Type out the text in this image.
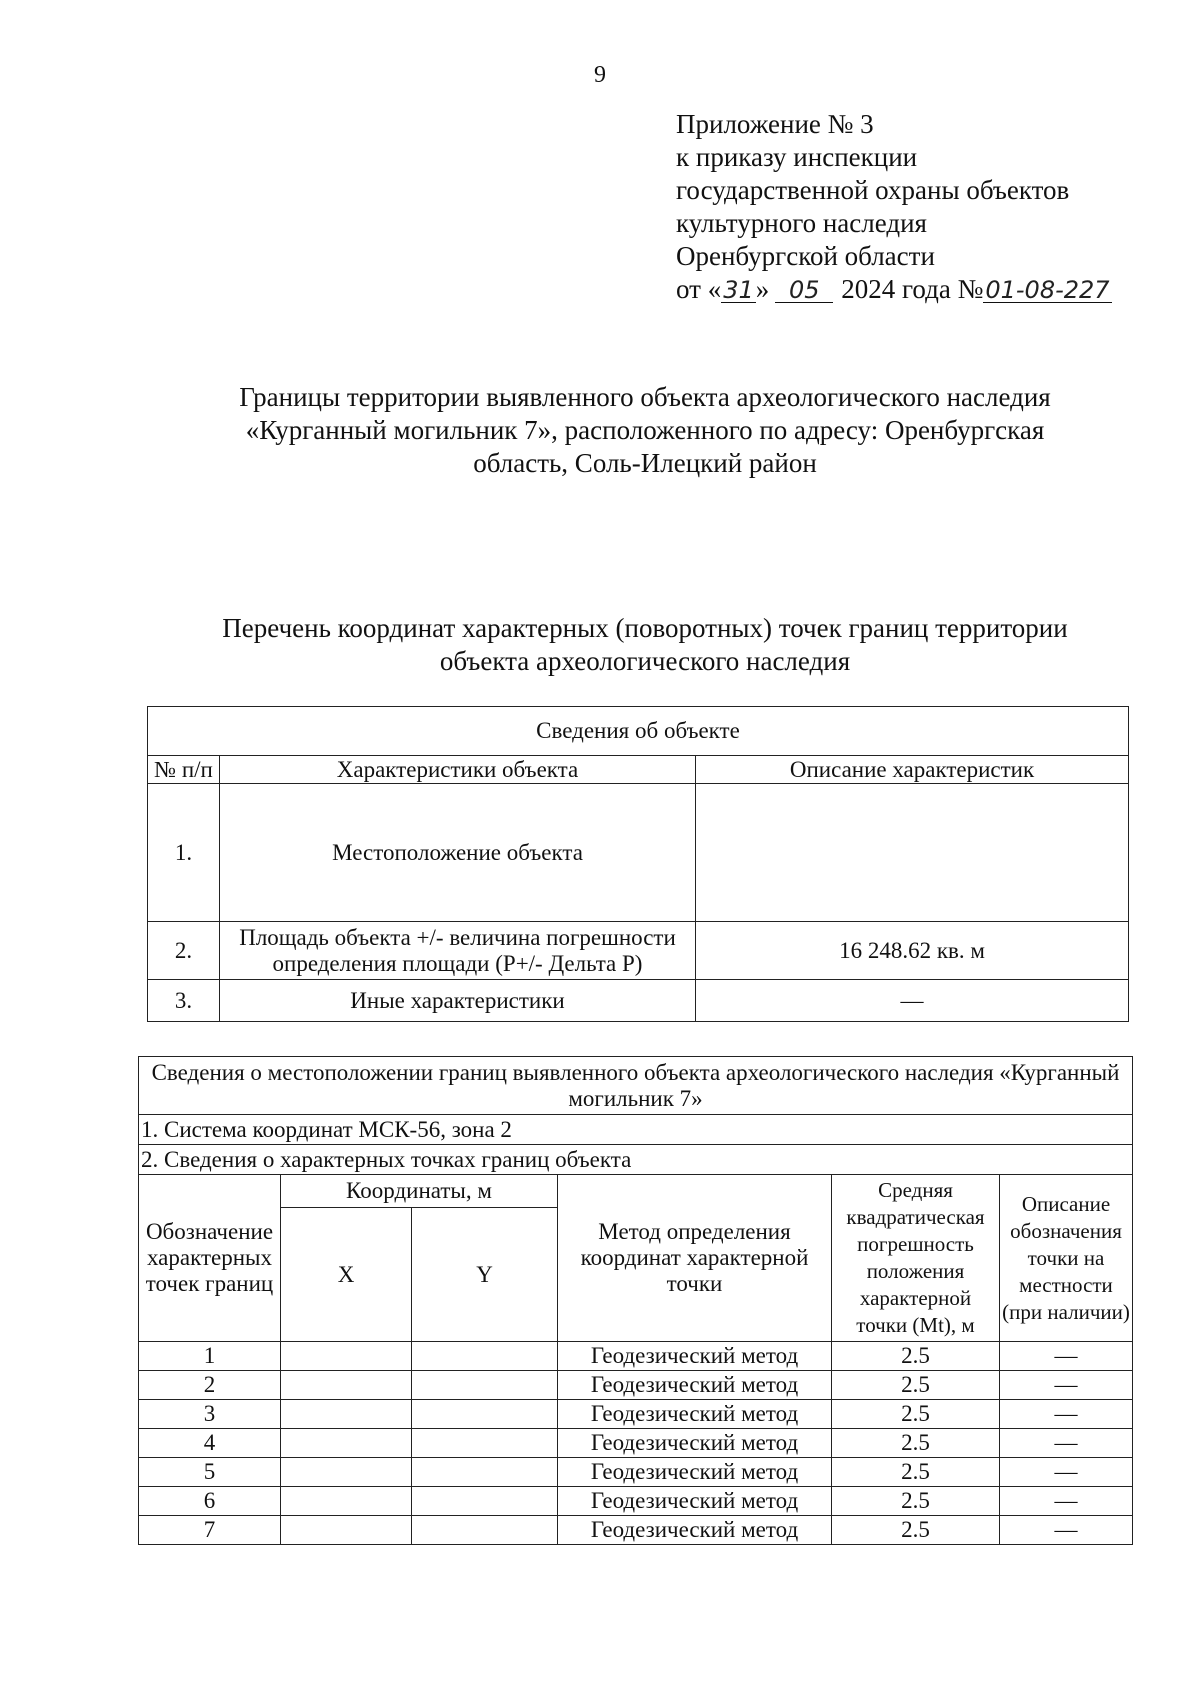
9
Приложение № 3
к приказу инспекции
государственной охраны объектов
культурного наследия
Оренбургской области
от «31» 05 2024 года №01-08-227
Границы территории выявленного объекта археологического наследия
«Курганный могильник 7», расположенного по адресу: Оренбургская
область, Соль-Илецкий район
Перечень координат характерных (поворотных) точек границ территории
объекта археологического наследия
Сведения об объекте		
№ п/п	Характеристики объекта	Описание характеристик
1.	Местоположение объекта	
2.	Площадь объекта +/- величина погрешности определения площади (Р+/- Дельта Р)	16 248.62 кв. м
3.	Иные характеристики	—
Сведения о местоположении границ выявленного объекта археологического наследия «Курганный могильник 7»					
1. Система координат МСК-56, зона 2					
2. Сведения о характерных точках границ объекта					
Обозначение характерных точек границ	Координаты, м		Метод определения координат характерной точки	Средняя квадратическая погрешность положения характерной точки (Mt), м	Описание обозначения точки на местности (при наличии)
	X	Y			
1			Геодезический метод	2.5	—
2			Геодезический метод	2.5	—
3			Геодезический метод	2.5	—
4			Геодезический метод	2.5	—
5			Геодезический метод	2.5	—
6			Геодезический метод	2.5	—
7			Геодезический метод	2.5	—
